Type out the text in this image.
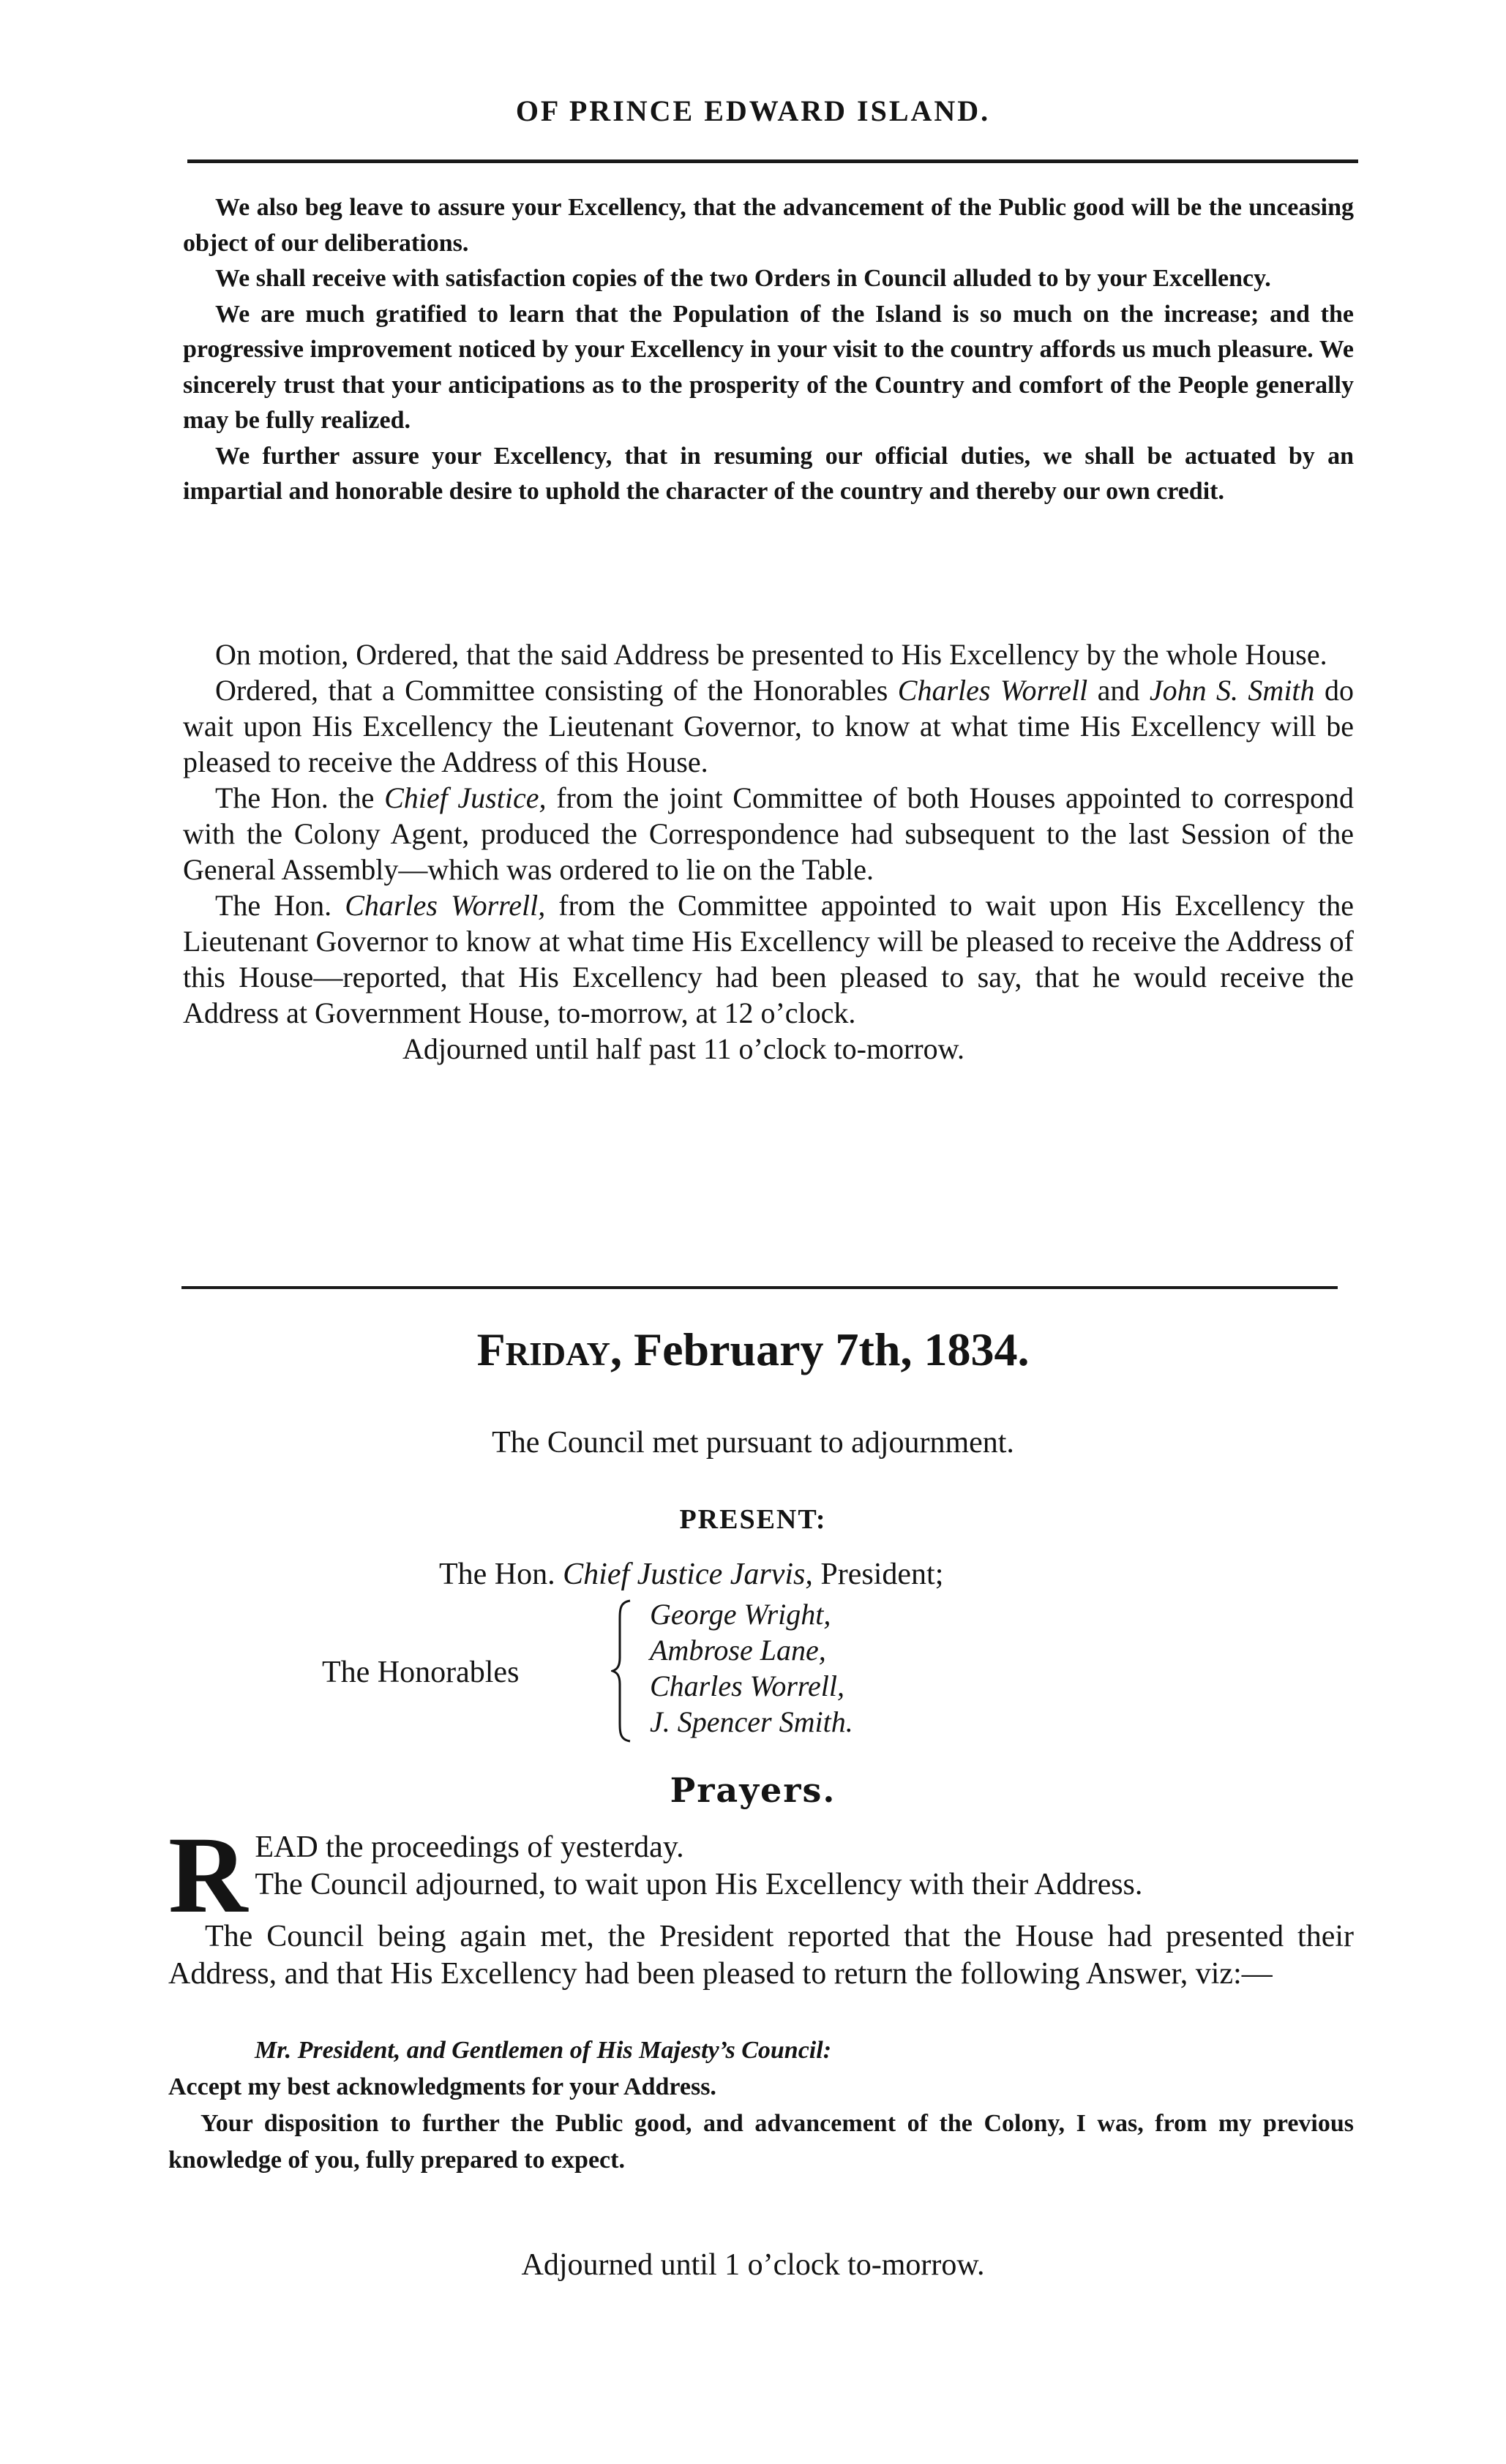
OF PRINCE EDWARD ISLAND.

We also beg leave to assure your Excellency, that the advancement of the Public good will be the unceasing object of our deliberations.

We shall receive with satisfaction copies of the two Orders in Council alluded to by your Excellency.

We are much gratified to learn that the Population of the Island is so much on the increase; and the progressive improvement noticed by your Excellency in your visit to the country affords us much pleasure. We sincerely trust that your anticipations as to the prosperity of the Country and comfort of the People generally may be fully realized.

We further assure your Excellency, that in resuming our official duties, we shall be actuated by an impartial and honorable desire to uphold the character of the country and thereby our own credit.

On motion, Ordered, that the said Address be presented to His Excellency by the whole House.

Ordered, that a Committee consisting of the Honorables Charles Worrell and John S. Smith do wait upon His Excellency the Lieutenant Governor, to know at what time His Excellency will be pleased to receive the Address of this House.

The Hon. the Chief Justice, from the joint Committee of both Houses appointed to correspond with the Colony Agent, produced the Correspondence had subsequent to the last Session of the General Assembly—which was ordered to lie on the Table.

The Hon. Charles Worrell, from the Committee appointed to wait upon His Excellency the Lieutenant Governor to know at what time His Excellency will be pleased to receive the Address of this House—reported, that His Excellency had been pleased to say, that he would receive the Address at Government House, to-morrow, at 12 o’clock.

Adjourned until half past 11 o’clock to-morrow.

Friday, February 7th, 1834.
The Council met pursuant to adjournment.
PRESENT:
The Hon. Chief Justice Jarvis, President;
The Honorables
George Wright,
Ambrose Lane,
Charles Worrell,
J. Spencer Smith.
Prayers.

READ the proceedings of yesterday.

The Council adjourned, to wait upon His Excellency with their Address.

The Council being again met, the President reported that the House had presented their Address, and that His Excellency had been pleased to return the following Answer, viz:—

Mr. President, and Gentlemen of His Majesty’s Council:

Accept my best acknowledgments for your Address.

Your disposition to further the Public good, and advancement of the Colony, I was, from my previous knowledge of you, fully prepared to expect.

Adjourned until 1 o’clock to-morrow.
